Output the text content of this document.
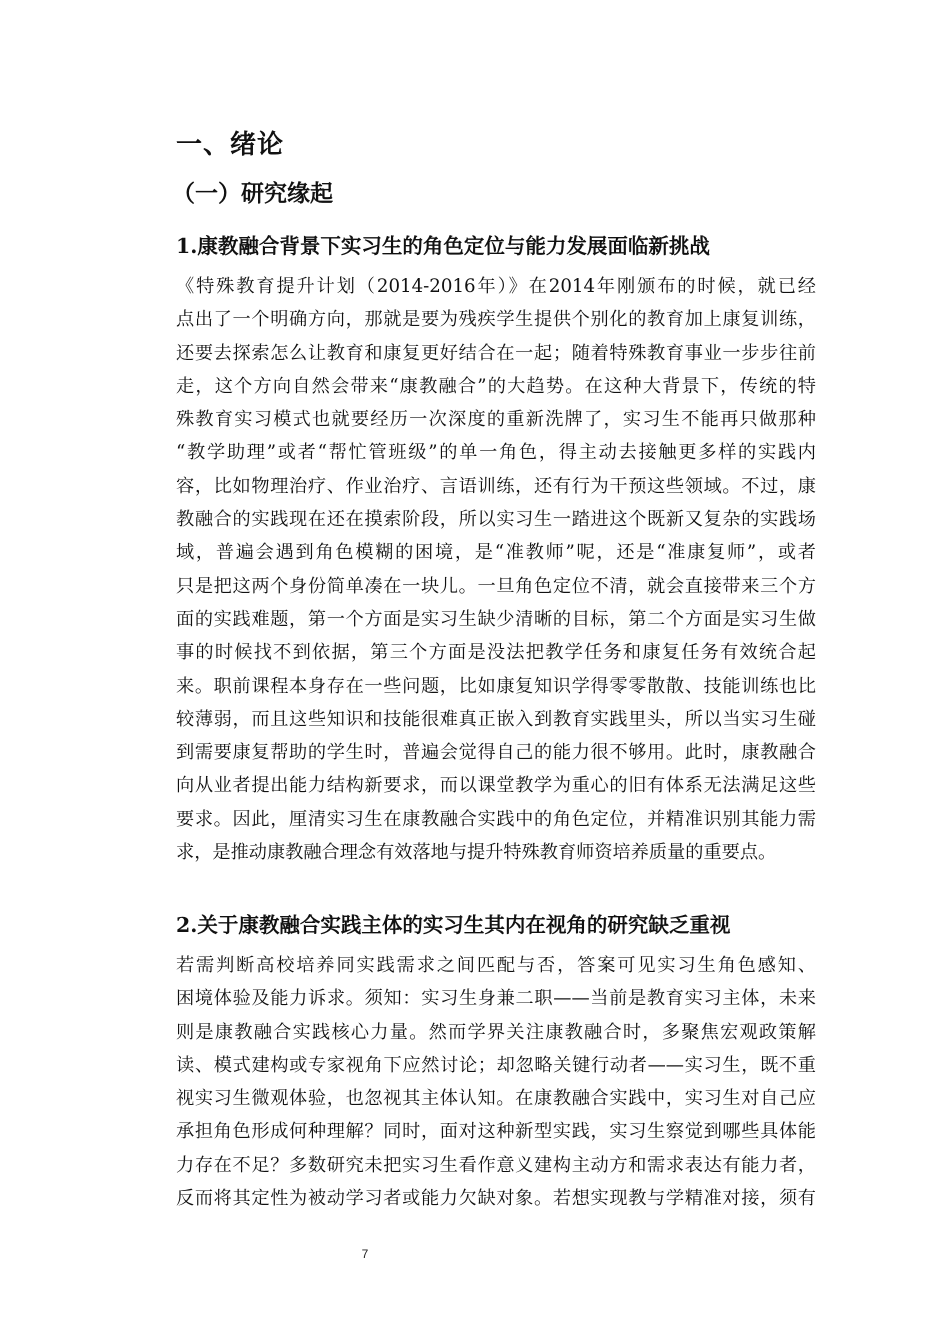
一、绪论
（一）研究缘起
1.康教融合背景下实习生的角色定位与能力发展面临新挑战
《特殊教育提升计划（2014-2016年）》在2014年刚颁布的时候，就已经
点出了一个明确方向，那就是要为残疾学生提供个别化的教育加上康复训练，
还要去探索怎么让教育和康复更好结合在一起；随着特殊教育事业一步步往前
走，这个方向自然会带来“康教融合”的大趋势。在这种大背景下，传统的特
殊教育实习模式也就要经历一次深度的重新洗牌了，实习生不能再只做那种
“教学助理”或者“帮忙管班级”的单一角色，得主动去接触更多样的实践内
容，比如物理治疗、作业治疗、言语训练，还有行为干预这些领域。不过，康
教融合的实践现在还在摸索阶段，所以实习生一踏进这个既新又复杂的实践场
域，普遍会遇到角色模糊的困境，是“准教师”呢，还是“准康复师”，或者
只是把这两个身份简单凑在一块儿。一旦角色定位不清，就会直接带来三个方
面的实践难题，第一个方面是实习生缺少清晰的目标，第二个方面是实习生做
事的时候找不到依据，第三个方面是没法把教学任务和康复任务有效统合起
来。职前课程本身存在一些问题，比如康复知识学得零零散散、技能训练也比
较薄弱，而且这些知识和技能很难真正嵌入到教育实践里头，所以当实习生碰
到需要康复帮助的学生时，普遍会觉得自己的能力很不够用。此时，康教融合
向从业者提出能力结构新要求，而以课堂教学为重心的旧有体系无法满足这些
要求。因此，厘清实习生在康教融合实践中的角色定位，并精准识别其能力需
求，是推动康教融合理念有效落地与提升特殊教育师资培养质量的重要点。
2.关于康教融合实践主体的实习生其内在视角的研究缺乏重视
若需判断高校培养同实践需求之间匹配与否，答案可见实习生角色感知、
困境体验及能力诉求。须知：实习生身兼二职——当前是教育实习主体，未来
则是康教融合实践核心力量。然而学界关注康教融合时，多聚焦宏观政策解
读、模式建构或专家视角下应然讨论；却忽略关键行动者——实习生，既不重
视实习生微观体验，也忽视其主体认知。在康教融合实践中，实习生对自己应
承担角色形成何种理解？同时，面对这种新型实践，实习生察觉到哪些具体能
力存在不足？多数研究未把实习生看作意义建构主动方和需求表达有能力者，
反而将其定性为被动学习者或能力欠缺对象。若想实现教与学精准对接，须有
7
